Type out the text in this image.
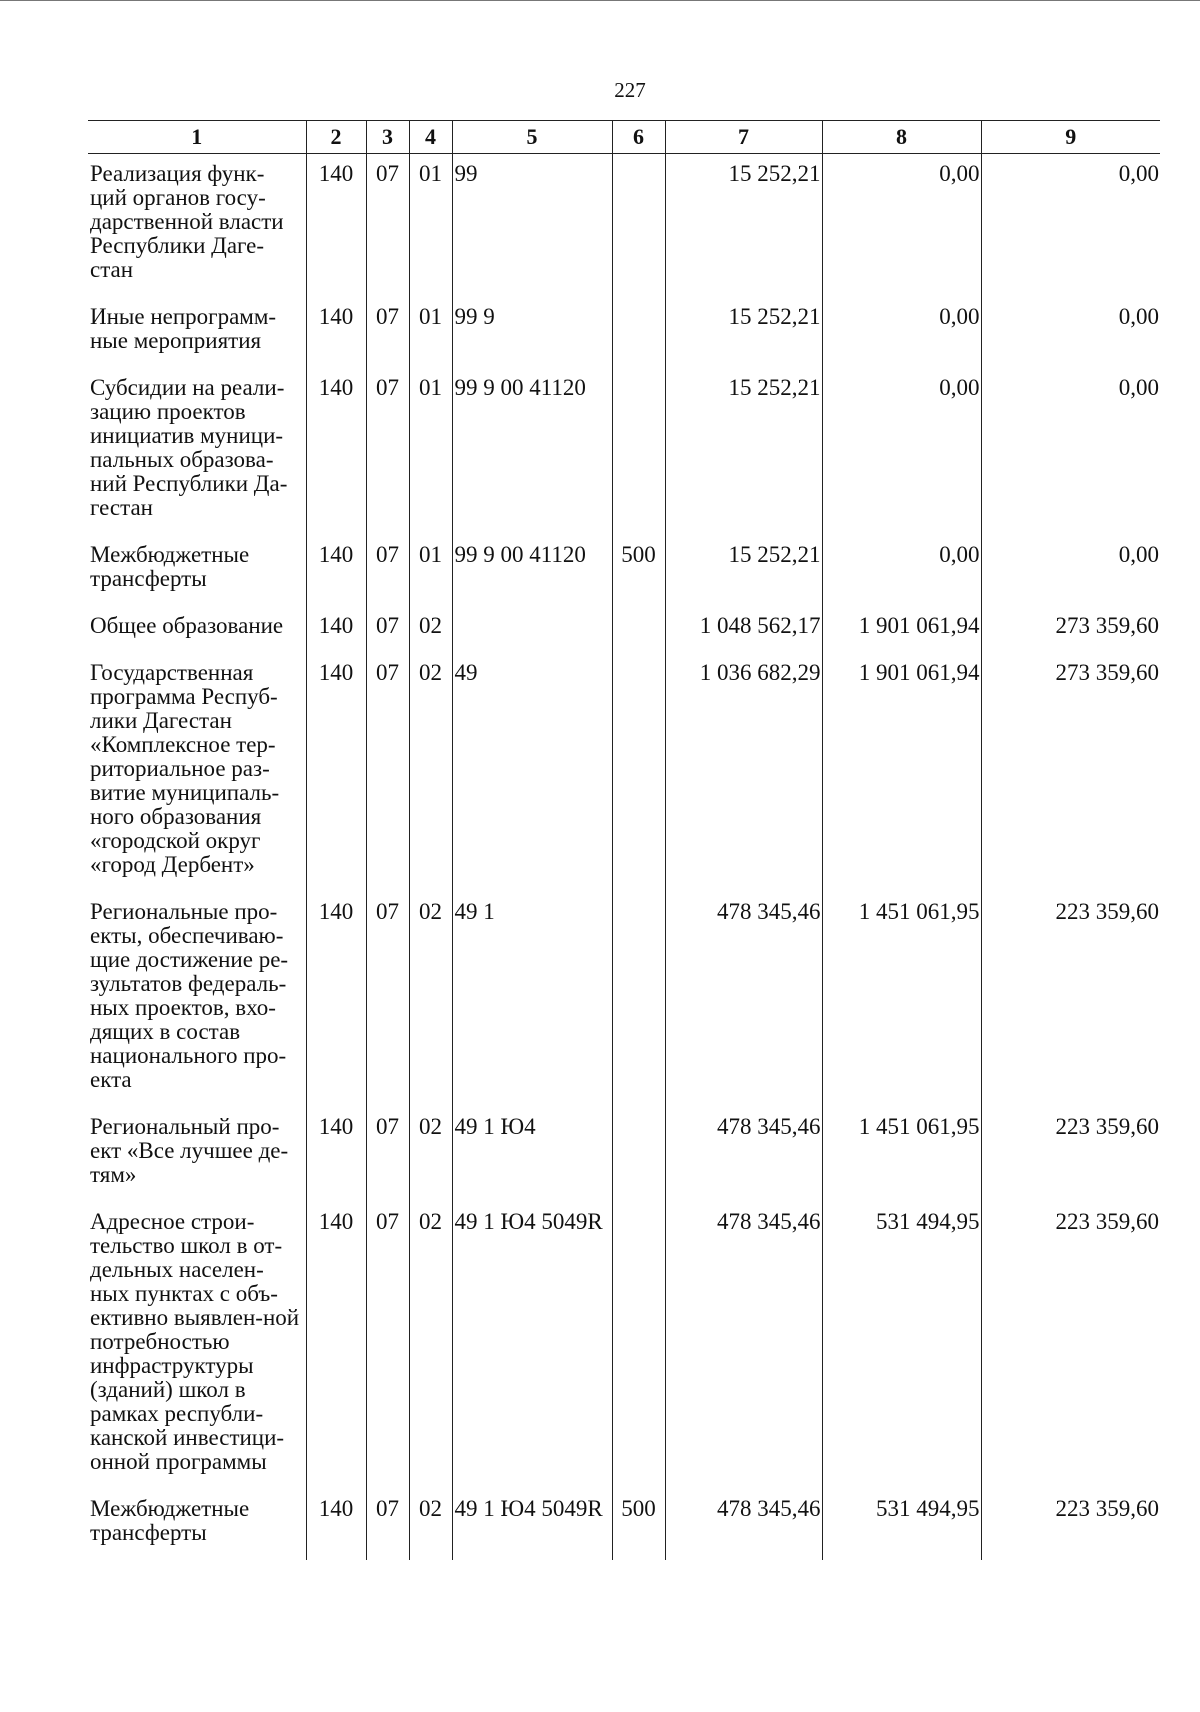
227
1	2	3	4	5	6	7	8	9
Реализация функ-ций органов госу-дарственной власти Республики Даге-стан	140	07	01	99		15 252,21	0,00	0,00
Иные непрограмм-ные мероприятия	140	07	01	99 9		15 252,21	0,00	0,00
Субсидии на реали-зацию проектов инициатив муници-пальных образова-ний Республики Да-гестан	140	07	01	99 9 00 41120		15 252,21	0,00	0,00
Межбюджетные трансферты	140	07	01	99 9 00 41120	500	15 252,21	0,00	0,00
Общее образование	140	07	02			1 048 562,17	1 901 061,94	273 359,60
Государственная программа Респуб-лики Дагестан «Комплексное тер-риториальное раз-витие муниципаль-ного образования «городской округ «город Дербент»	140	07	02	49		1 036 682,29	1 901 061,94	273 359,60
Региональные про-екты, обеспечиваю-щие достижение ре-зультатов федераль-ных проектов, вхо-дящих в состав национального про-екта	140	07	02	49 1		478 345,46	1 451 061,95	223 359,60
Региональный про-ект «Все лучшее де-тям»	140	07	02	49 1 Ю4		478 345,46	1 451 061,95	223 359,60
Адресное строи-тельство школ в от-дельных населен-ных пунктах с объ-ективно выявлен-ной потребностью инфраструктуры (зданий) школ в рамках республи-канской инвестици-онной программы	140	07	02	49 1 Ю4 5049R		478 345,46	531 494,95	223 359,60
Межбюджетные трансферты	140	07	02	49 1 Ю4 5049R	500	478 345,46	531 494,95	223 359,60
